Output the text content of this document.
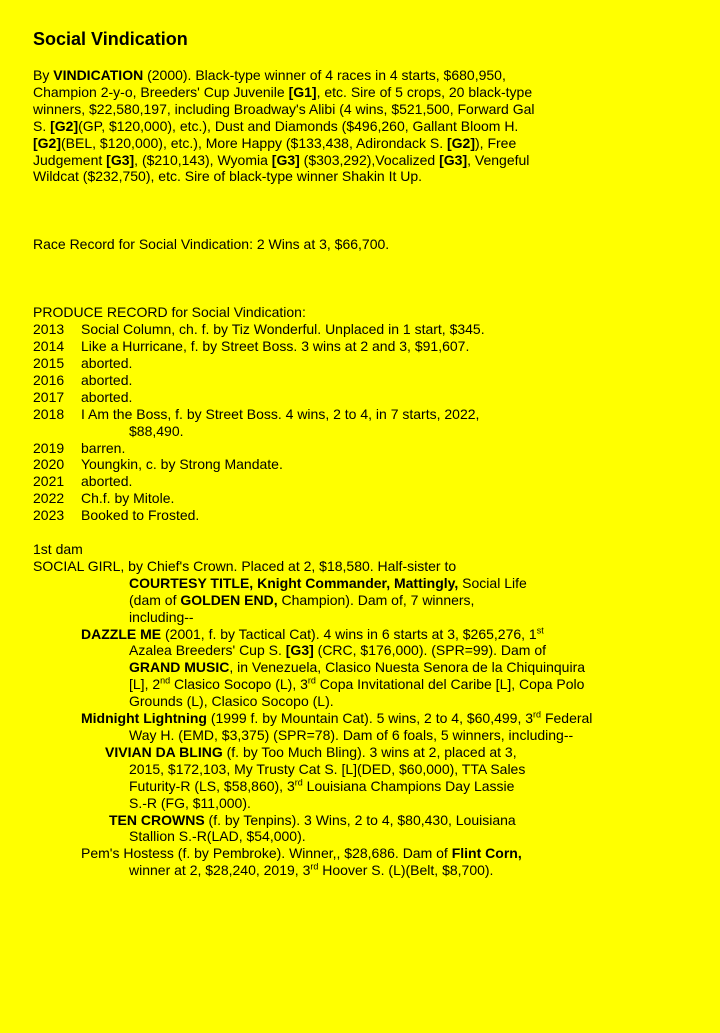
Social Vindication

By VINDICATION (2000). Black-type winner of 4 races in 4 starts, $680,950, Champion 2-y-o, Breeders' Cup Juvenile [G1], etc. Sire of 5 crops, 20 black-type winners, $22,580,197, including Broadway's Alibi (4 wins, $521,500, Forward Gal S. [G2](GP, $120,000), etc.), Dust and Diamonds ($496,260, Gallant Bloom H. [G2](BEL, $120,000), etc.), More Happy ($133,438, Adirondack S. [G2]), Free Judgement [G3], ($210,143), Wyomia [G3] ($303,292),Vocalized [G3], Vengeful Wildcat ($232,750), etc. Sire of black-type winner Shakin It Up.

Race Record for Social Vindication: 2 Wins at 3, $66,700.

PRODUCE RECORD for Social Vindication:

2013	Social Column, ch. f. by Tiz Wonderful. Unplaced in 1 start, $345.
2014	Like a Hurricane, f. by Street Boss. 3 wins at 2 and 3, $91,607.
2015	aborted.
2016	aborted.
2017	aborted.
2018	I Am the Boss, f. by Street Boss. 4 wins, 2 to 4, in 7 starts, 2022,
$88,490.
2019	barren.
2020	Youngkin, c. by Strong Mandate.
2021	aborted.
2022	Ch.f. by Mitole.
2023	Booked to Frosted.

1st dam

SOCIAL GIRL, by Chief's Crown. Placed at 2, $18,580. Half-sister to

COURTESY TITLE, Knight Commander, Mattingly, Social Life (dam of GOLDEN END, Champion). Dam of, 7 winners, including--

DAZZLE ME (2001, f. by Tactical Cat). 4 wins in 6 starts at 3, $265,276, 1st Azalea Breeders' Cup S. [G3] (CRC, $176,000). (SPR=99). Dam of GRAND MUSIC, in Venezuela, Clasico Nuesta Senora de la Chiquinquira [L], 2nd Clasico Socopo (L), 3rd Copa Invitational del Caribe [L], Copa Polo Grounds (L), Clasico Socopo (L).

Midnight Lightning (1999 f. by Mountain Cat). 5 wins, 2 to 4, $60,499, 3rd Federal Way H. (EMD, $3,375) (SPR=78). Dam of 6 foals, 5 winners, including--

VIVIAN DA BLING (f. by Too Much Bling). 3 wins at 2, placed at 3, 2015, $172,103, My Trusty Cat S. [L](DED, $60,000), TTA Sales Futurity-R (LS, $58,860), 3rd Louisiana Champions Day Lassie S.-R (FG, $11,000).

TEN CROWNS (f. by Tenpins). 3 Wins, 2 to 4, $80,430, Louisiana Stallion S.-R(LAD, $54,000).

Pem's Hostess (f. by Pembroke). Winner,, $28,686. Dam of Flint Corn, winner at 2, $28,240, 2019, 3rd Hoover S. (L)(Belt, $8,700).
